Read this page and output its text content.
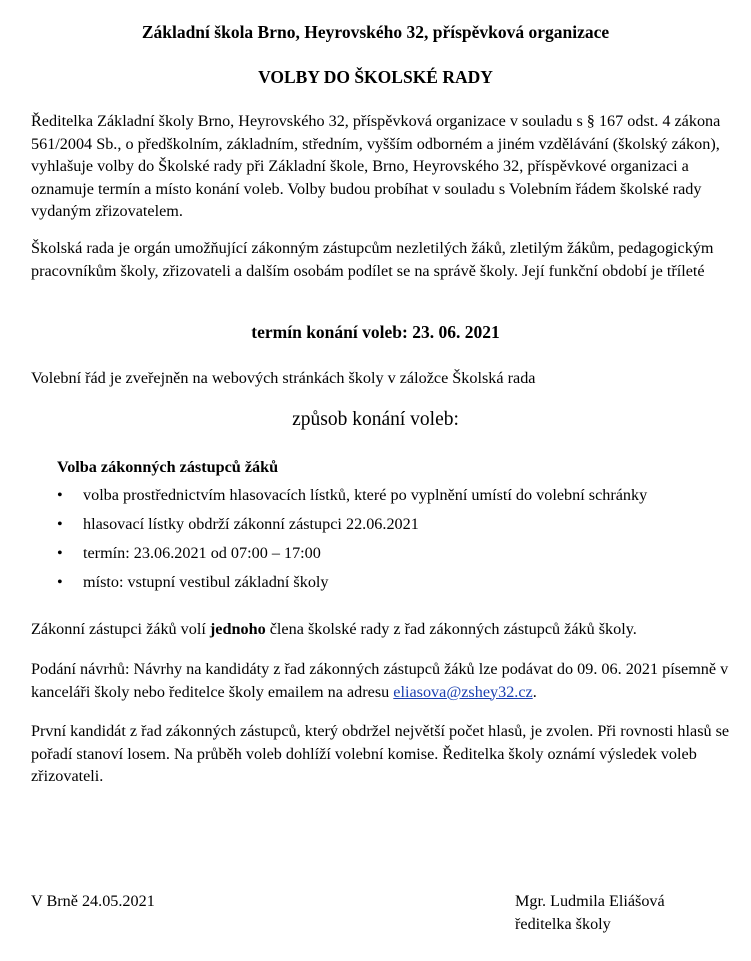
Základní škola Brno, Heyrovského 32, příspěvková organizace
VOLBY DO ŠKOLSKÉ RADY

Ředitelka Základní školy Brno, Heyrovského 32, příspěvková organizace v souladu s § 167 odst. 4 zákona 561/2004 Sb., o předškolním, základním, středním, vyšším odborném a jiném vzdělávání (školský zákon), vyhlašuje volby do Školské rady při Základní škole, Brno, Heyrovského 32, příspěvkové organizaci a oznamuje termín a místo konání voleb. Volby budou probíhat v souladu s Volebním řádem školské rady vydaným zřizovatelem.

Školská rada je orgán umožňující zákonným zástupcům nezletilých žáků, zletilým žákům, pedagogickým pracovníkům školy, zřizovateli a dalším osobám podílet se na správě školy. Její funkční období je tříleté

termín konání voleb: 23. 06. 2021

Volební řád je zveřejněn na webových stránkách školy v záložce Školská rada

způsob konání voleb:
Volba zákonných zástupců žáků
• volba prostřednictvím hlasovacích lístků, které po vyplnění umístí do volební schránky
• hlasovací lístky obdrží zákonní zástupci 22.06.2021
• termín: 23.06.2021 od 07:00 – 17:00
• místo: vstupní vestibul základní školy

Zákonní zástupci žáků volí jednoho člena školské rady z řad zákonných zástupců žáků školy.

Podání návrhů: Návrhy na kandidáty z řad zákonných zástupců žáků lze podávat do 09. 06. 2021 písemně v kanceláři školy nebo ředitelce školy emailem na adresu eliasova@zshey32.cz.

První kandidát z řad zákonných zástupců, který obdržel největší počet hlasů, je zvolen. Při rovnosti hlasů se pořadí stanoví losem. Na průběh voleb dohlíží volební komise. Ředitelka školy oznámí výsledek voleb zřizovateli.

V Brně 24.05.2021	Mgr. Ludmila Eliášová
ředitelka školy
